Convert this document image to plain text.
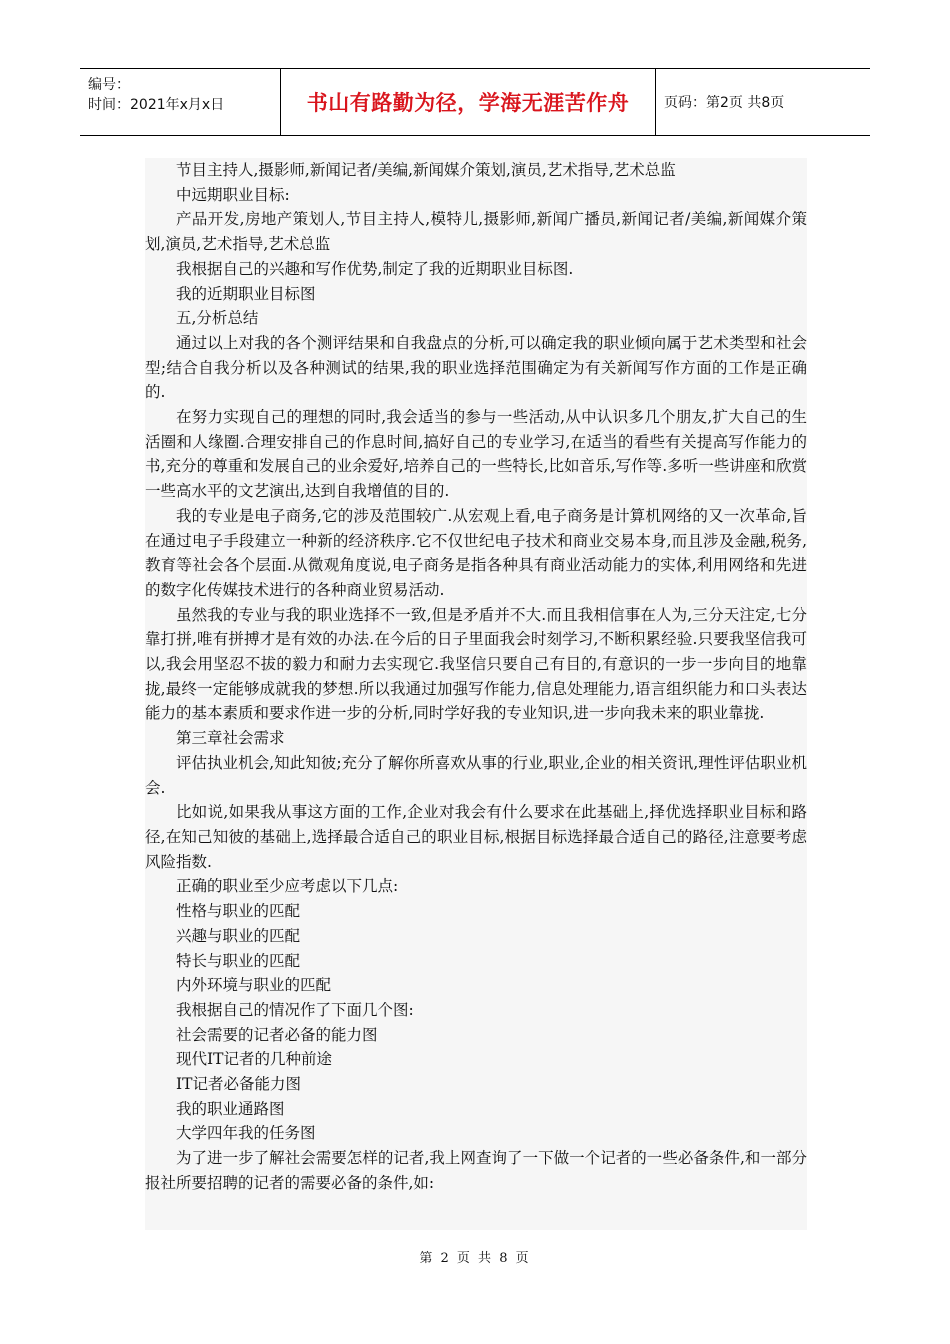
编号：
时间：2021年x月x日	书山有路勤为径，学海无涯苦作舟	页码：第2页 共8页

节目主持人,摄影师,新闻记者/美编,新闻媒介策划,演员,艺术指导,艺术总监

中远期职业目标:

产品开发,房地产策划人,节目主持人,模特儿,摄影师,新闻广播员,新闻记者/美编,新闻媒介策划,演员,艺术指导,艺术总监

我根据自己的兴趣和写作优势,制定了我的近期职业目标图.

我的近期职业目标图

五,分析总结

通过以上对我的各个测评结果和自我盘点的分析,可以确定我的职业倾向属于艺术类型和社会型;结合自我分析以及各种测试的结果,我的职业选择范围确定为有关新闻写作方面的工作是正确的.

在努力实现自己的理想的同时,我会适当的参与一些活动,从中认识多几个朋友,扩大自己的生活圈和人缘圈.合理安排自己的作息时间,搞好自己的专业学习,在适当的看些有关提高写作能力的书,充分的尊重和发展自己的业余爱好,培养自己的一些特长,比如音乐,写作等.多听一些讲座和欣赏一些高水平的文艺演出,达到自我增值的目的.

我的专业是电子商务,它的涉及范围较广.从宏观上看,电子商务是计算机网络的又一次革命,旨在通过电子手段建立一种新的经济秩序.它不仅世纪电子技术和商业交易本身,而且涉及金融,税务,教育等社会各个层面.从微观角度说,电子商务是指各种具有商业活动能力的实体,利用网络和先进的数字化传媒技术进行的各种商业贸易活动.

虽然我的专业与我的职业选择不一致,但是矛盾并不大.而且我相信事在人为,三分天注定,七分靠打拼,唯有拼搏才是有效的办法.在今后的日子里面我会时刻学习,不断积累经验.只要我坚信我可以,我会用坚忍不拔的毅力和耐力去实现它.我坚信只要自己有目的,有意识的一步一步向目的地靠拢,最终一定能够成就我的梦想.所以我通过加强写作能力,信息处理能力,语言组织能力和口头表达能力的基本素质和要求作进一步的分析,同时学好我的专业知识,进一步向我未来的职业靠拢.

第三章社会需求

评估执业机会,知此知彼;充分了解你所喜欢从事的行业,职业,企业的相关资讯,理性评估职业机会.

比如说,如果我从事这方面的工作,企业对我会有什么要求在此基础上,择优选择职业目标和路径,在知己知彼的基础上,选择最合适自己的职业目标,根据目标选择最合适自己的路径,注意要考虑风险指数.

正确的职业至少应考虑以下几点:

性格与职业的匹配

兴趣与职业的匹配

特长与职业的匹配

内外环境与职业的匹配

我根据自己的情况作了下面几个图:

社会需要的记者必备的能力图

现代IT记者的几种前途

IT记者必备能力图

我的职业通路图

大学四年我的任务图

为了进一步了解社会需要怎样的记者,我上网查询了一下做一个记者的一些必备条件,和一部分报社所要招聘的记者的需要必备的条件,如:

第 2 页 共 8 页
